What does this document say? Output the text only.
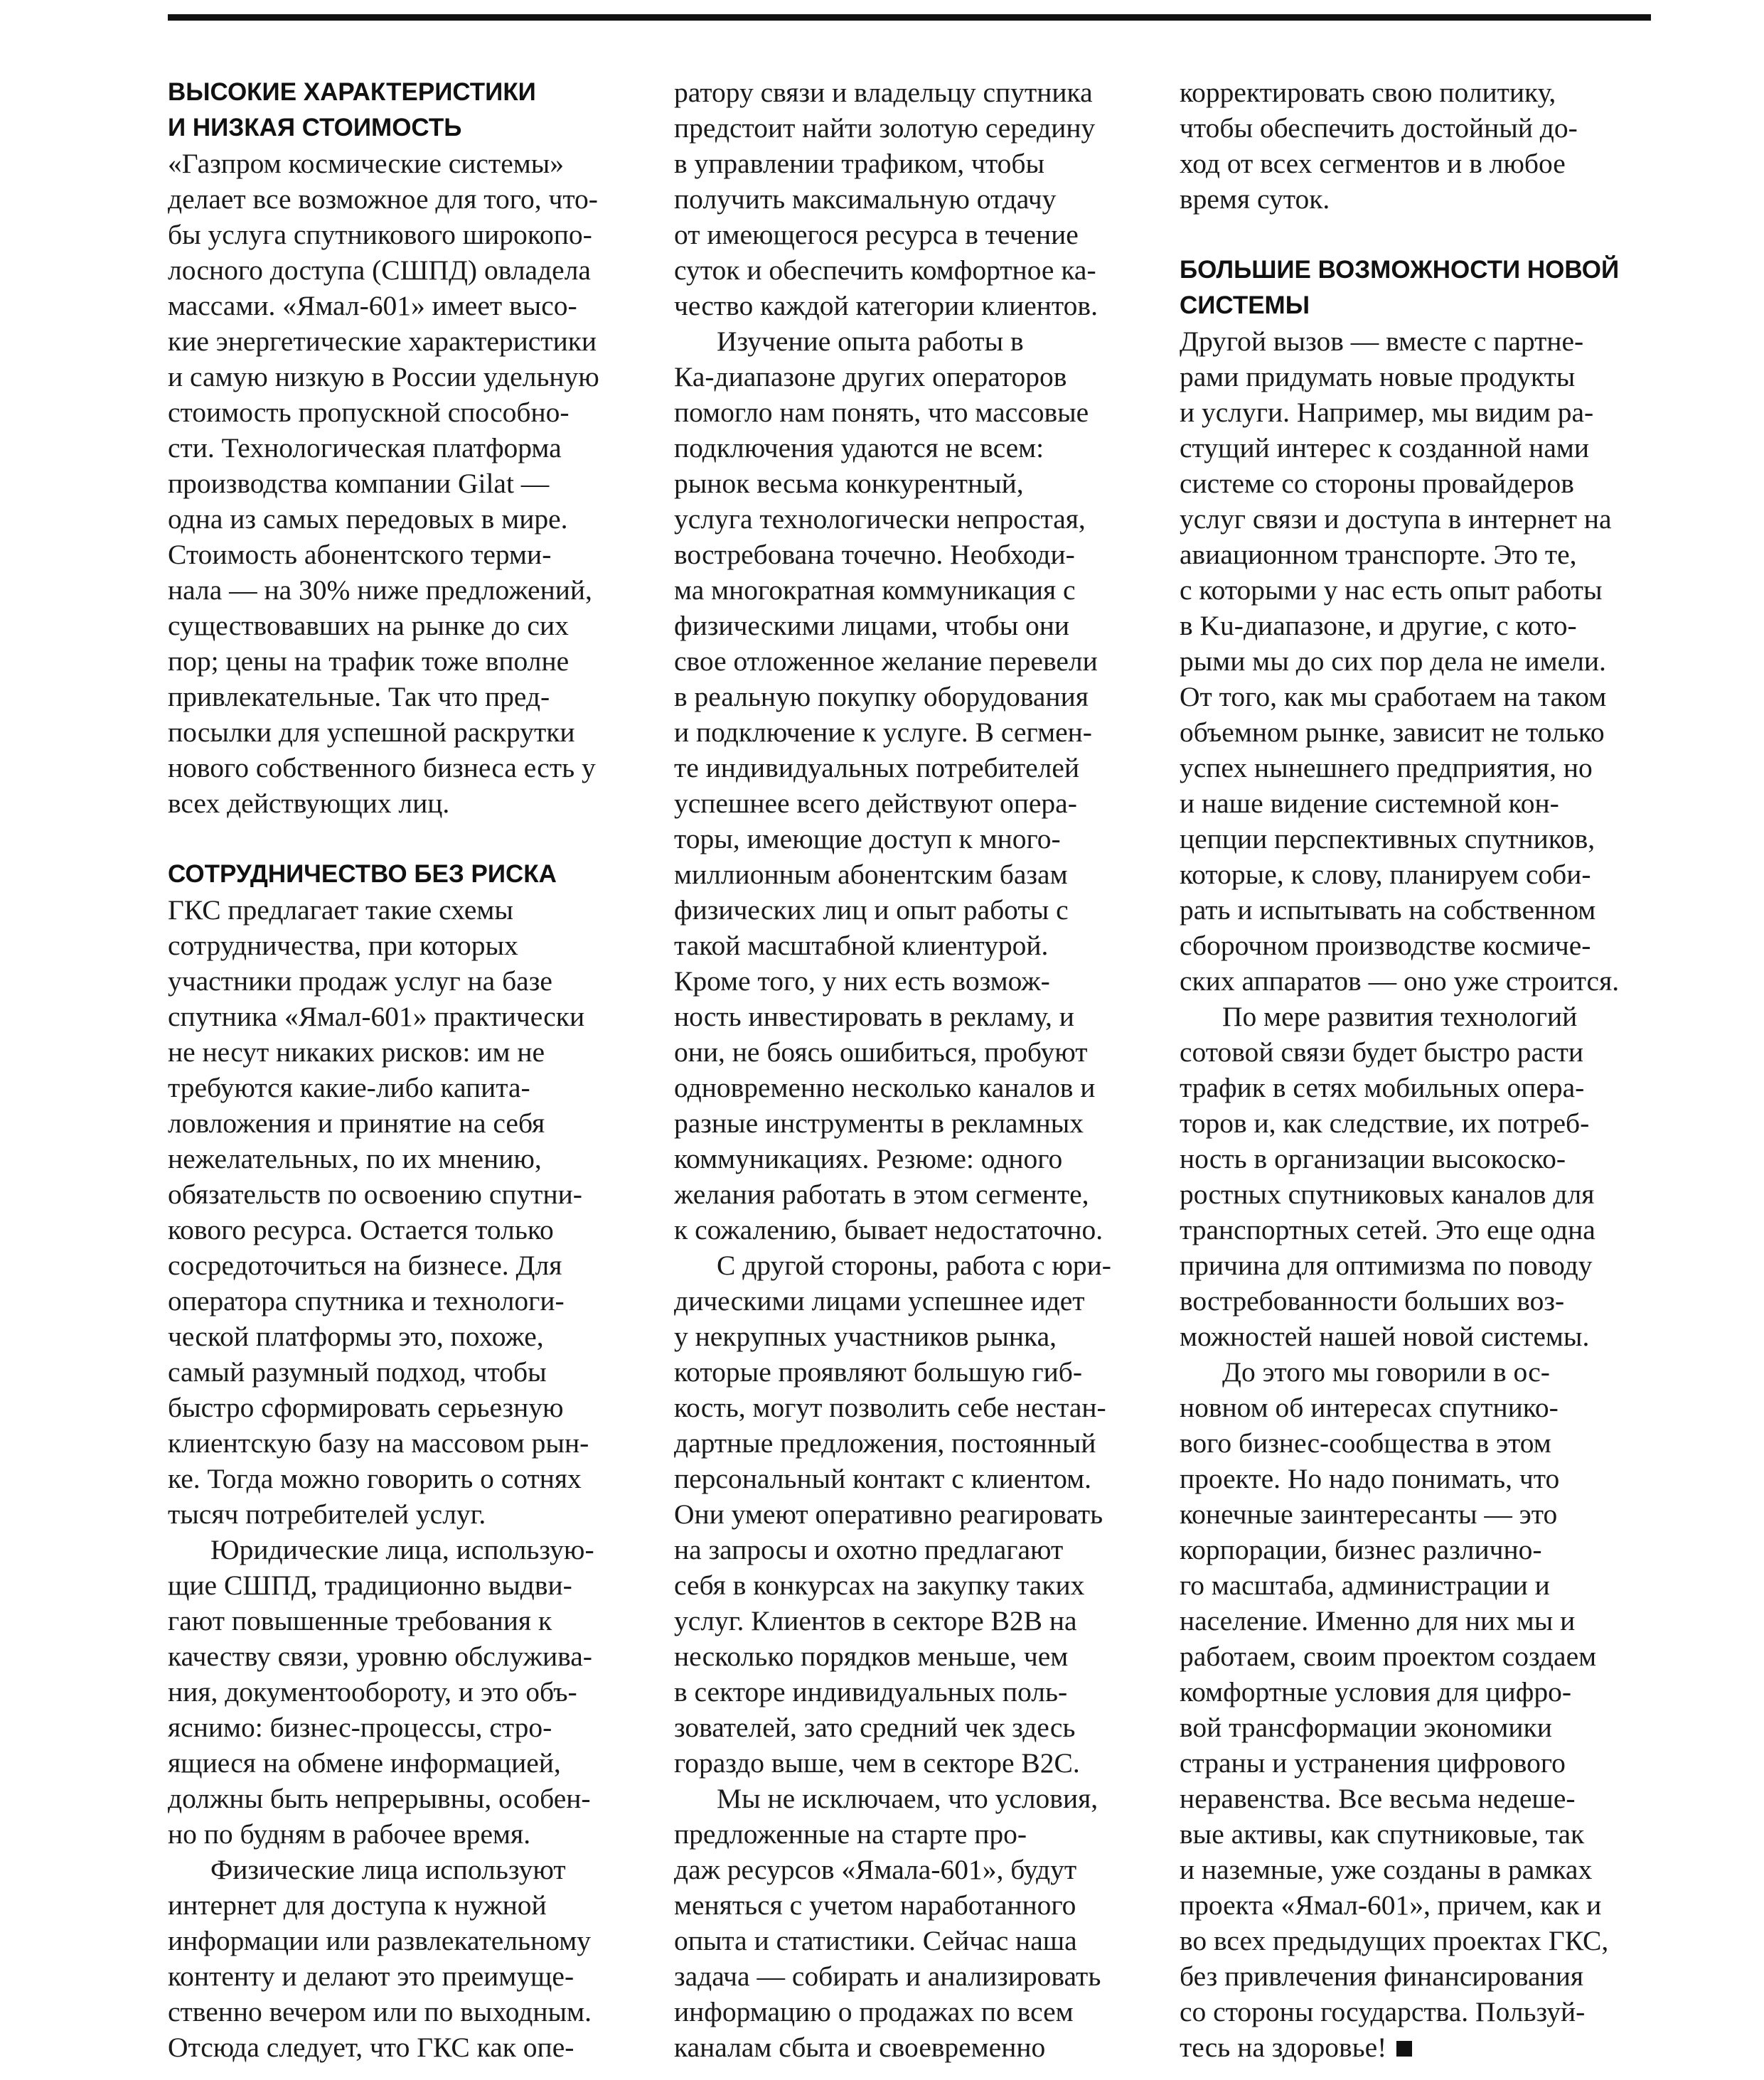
ВЫСОКИЕ ХАРАКТЕРИСТИКИ
И НИЗКАЯ СТОИМОСТЬ

«Газпром космические системы»
делает все возможное для того, что-
бы услуга спутникового широкопо-
лосного доступа (СШПД) овладела
массами. «Ямал-601» имеет высо-
кие энергетические характеристики
и самую низкую в России удельную
стоимость пропускной способно-
сти. Технологическая платформа
производства компании Gilat —
одна из самых передовых в мире.
Стоимость абонентского терми-
нала — на 30% ниже предложений,
существовавших на рынке до сих
пор; цены на трафик тоже вполне
привлекательные. Так что пред-
посылки для успешной раскрутки
нового собственного бизнеса есть у
всех действующих лиц.

СОТРУДНИЧЕСТВО БЕЗ РИСКА

ГКС предлагает такие схемы
сотрудничества, при которых
участники продаж услуг на базе
спутника «Ямал-601» практически
не несут никаких рисков: им не
требуются какие-либо капита-
ловложения и принятие на себя
нежелательных, по их мнению,
обязательств по освоению спутни-
кового ресурса. Остается только
сосредоточиться на бизнесе. Для
оператора спутника и технологи-
ческой платформы это, похоже,
самый разумный подход, чтобы
быстро сформировать серьезную
клиентскую базу на массовом рын-
ке. Тогда можно говорить о сотнях
тысяч потребителей услуг.

Юридические лица, использую-
щие СШПД, традиционно выдви-
гают повышенные требования к
качеству связи, уровню обслужива-
ния, документообороту, и это объ-
яснимо: бизнес-процессы, стро-
ящиеся на обмене информацией,
должны быть непрерывны, особен-
но по будням в рабочее время.

Физические лица используют
интернет для доступа к нужной
информации или развлекательному
контенту и делают это преимуще-
ственно вечером или по выходным.
Отсюда следует, что ГКС как опе-

ратору связи и владельцу спутника
предстоит найти золотую середину
в управлении трафиком, чтобы
получить максимальную отдачу
от имеющегося ресурса в течение
суток и обеспечить комфортное ка-
чество каждой категории клиентов.

Изучение опыта работы в
Ка-диапазоне других операторов
помогло нам понять, что массовые
подключения удаются не всем:
рынок весьма конкурентный,
услуга технологически непростая,
востребована точечно. Необходи-
ма многократная коммуникация с
физическими лицами, чтобы они
свое отложенное желание перевели
в реальную покупку оборудования
и подключение к услуге. В сегмен-
те индивидуальных потребителей
успешнее всего действуют опера-
торы, имеющие доступ к много-
миллионным абонентским базам
физических лиц и опыт работы с
такой масштабной клиентурой.
Кроме того, у них есть возмож-
ность инвестировать в рекламу, и
они, не боясь ошибиться, пробуют
одновременно несколько каналов и
разные инструменты в рекламных
коммуникациях. Резюме: одного
желания работать в этом сегменте,
к сожалению, бывает недостаточно.

С другой стороны, работа с юри-
дическими лицами успешнее идет
у некрупных участников рынка,
которые проявляют большую гиб-
кость, могут позволить себе нестан-
дартные предложения, постоянный
персональный контакт с клиентом.
Они умеют оперативно реагировать
на запросы и охотно предлагают
себя в конкурсах на закупку таких
услуг. Клиентов в секторе B2B на
несколько порядков меньше, чем
в секторе индивидуальных поль-
зователей, зато средний чек здесь
гораздо выше, чем в секторе B2C.

Мы не исключаем, что условия,
предложенные на старте про-
даж ресурсов «Ямала-601», будут
меняться с учетом наработанного
опыта и статистики. Сейчас наша
задача — собирать и анализировать
информацию о продажах по всем
каналам сбыта и своевременно

корректировать свою политику,
чтобы обеспечить достойный до-
ход от всех сегментов и в любое
время суток.

БОЛЬШИЕ ВОЗМОЖНОСТИ НОВОЙ
СИСТЕМЫ

Другой вызов — вместе с партне-
рами придумать новые продукты
и услуги. Например, мы видим ра-
стущий интерес к созданной нами
системе со стороны провайдеров
услуг связи и доступа в интернет на
авиационном транспорте. Это те,
с которыми у нас есть опыт работы
в Ku-диапазоне, и другие, с кото-
рыми мы до сих пор дела не имели.
От того, как мы сработаем на таком
объемном рынке, зависит не только
успех нынешнего предприятия, но
и наше видение системной кон-
цепции перспективных спутников,
которые, к слову, планируем соби-
рать и испытывать на собственном
сборочном производстве космиче-
ских аппаратов — оно уже строится.

По мере развития технологий
сотовой связи будет быстро расти
трафик в сетях мобильных опера-
торов и, как следствие, их потреб-
ность в организации высокоско-
ростных спутниковых каналов для
транспортных сетей. Это еще одна
причина для оптимизма по поводу
востребованности больших воз-
можностей нашей новой системы.

До этого мы говорили в ос-
новном об интересах спутнико-
вого бизнес-сообщества в этом
проекте. Но надо понимать, что
конечные заинтересанты — это
корпорации, бизнес различно-
го масштаба, администрации и
население. Именно для них мы и
работаем, своим проектом создаем
комфортные условия для цифро-
вой трансформации экономики
страны и устранения цифрового
неравенства. Все весьма недеше-
вые активы, как спутниковые, так
и наземные, уже созданы в рамках
проекта «Ямал-601», причем, как и
во всех предыдущих проектах ГКС,
без привлечения финансирования
со стороны государства. Пользуй-
тесь на здоровье!
